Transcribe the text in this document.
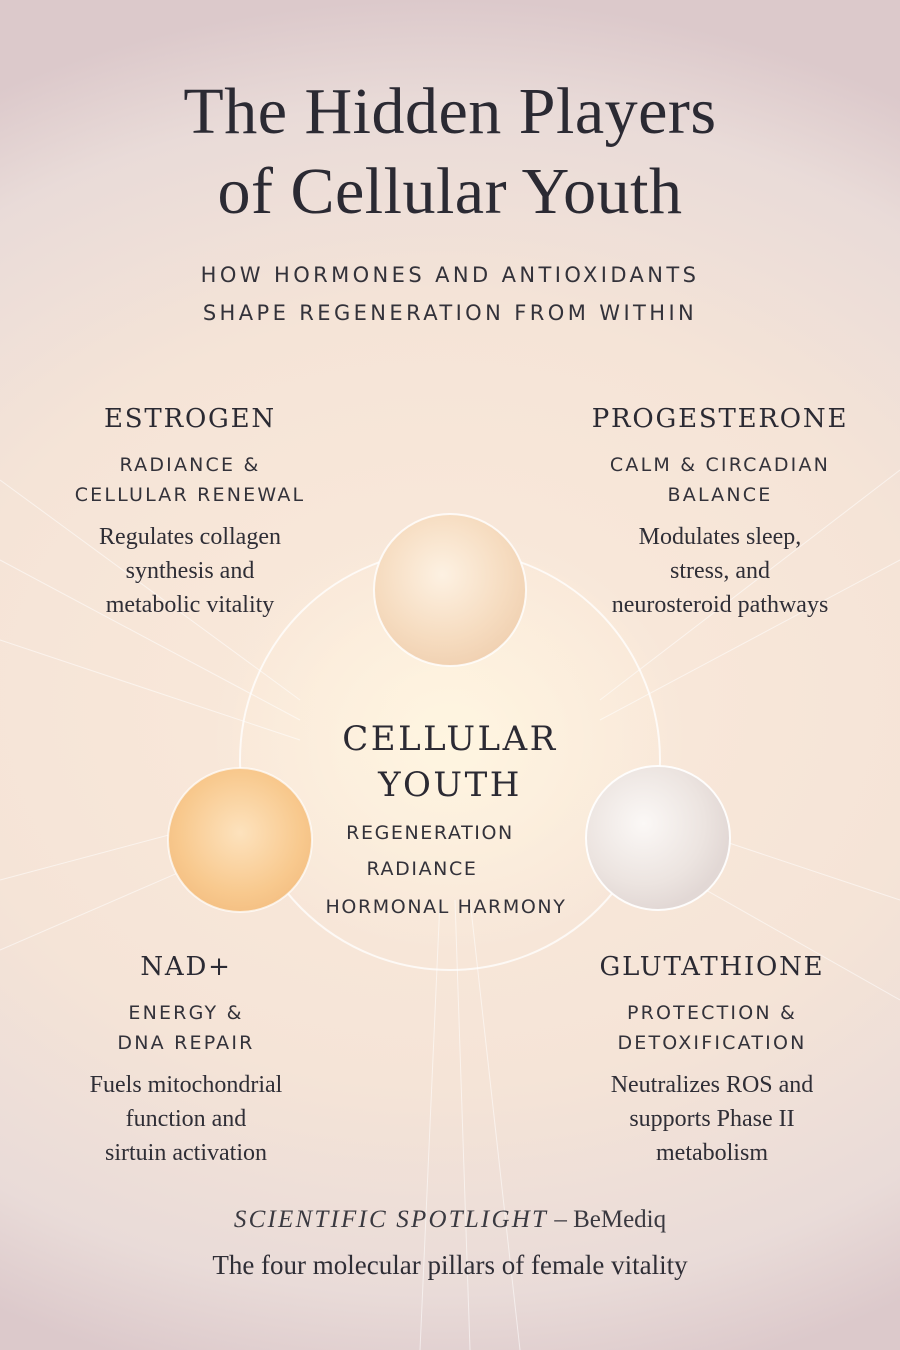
The Hidden Players
of Cellular Youth
HOW HORMONES AND ANTIOXIDANTS
SHAPE REGENERATION FROM WITHIN
ESTROGEN
RADIANCE &
CELLULAR RENEWAL
Regulates collagen
synthesis and
metabolic vitality
PROGESTERONE
CALM & CIRCADIAN
BALANCE
Modulates sleep,
stress, and
neurosteroid pathways
CELLULAR
YOUTH
REGENERATION
RADIANCE
HORMONAL HARMONY
NAD+
ENERGY &
DNA REPAIR
Fuels mitochondrial
function and
sirtuin activation
GLUTATHIONE
PROTECTION &
DETOXIFICATION
Neutralizes ROS and
supports Phase II
metabolism
SCIENTIFIC SPOTLIGHT – BeMediq
The four molecular pillars of female vitality
